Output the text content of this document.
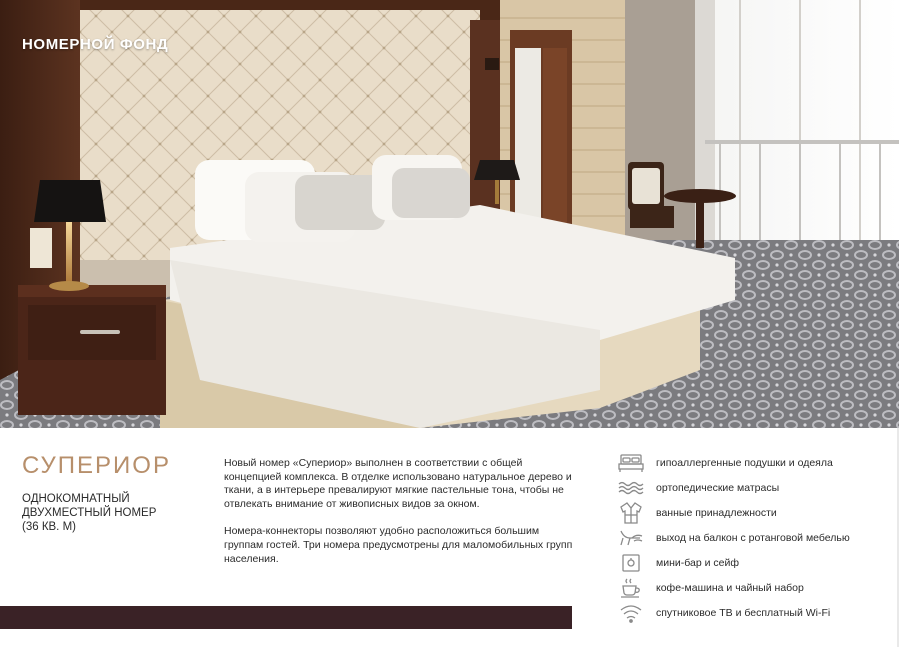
НОМЕРНОЙ ФОНД
СУПЕРИОР

ОДНОКОМНАТНЫЙ
ДВУХМЕСТНЫЙ НОМЕР
(36 КВ. М)

Новый номер «Супериор» выполнен в соответствии с общей концепцией комплекса. В отделке использовано натуральное дерево и ткани, а в интерьере превалируют мягкие пастельные тона, чтобы не отвлекать внимание от живописных видов за окном.

Номера-коннекторы позволяют удобно расположиться большим группам гостей. Три номера предусмотрены для маломобильных групп населения.

гипоаллергенные подушки и одеяла
ортопедические матрасы
ванные принадлежности
выход на балкон с ротанговой мебелью
мини-бар и сейф
кофе-машина и чайный набор
спутниковое ТВ и бесплатный Wi-Fi
